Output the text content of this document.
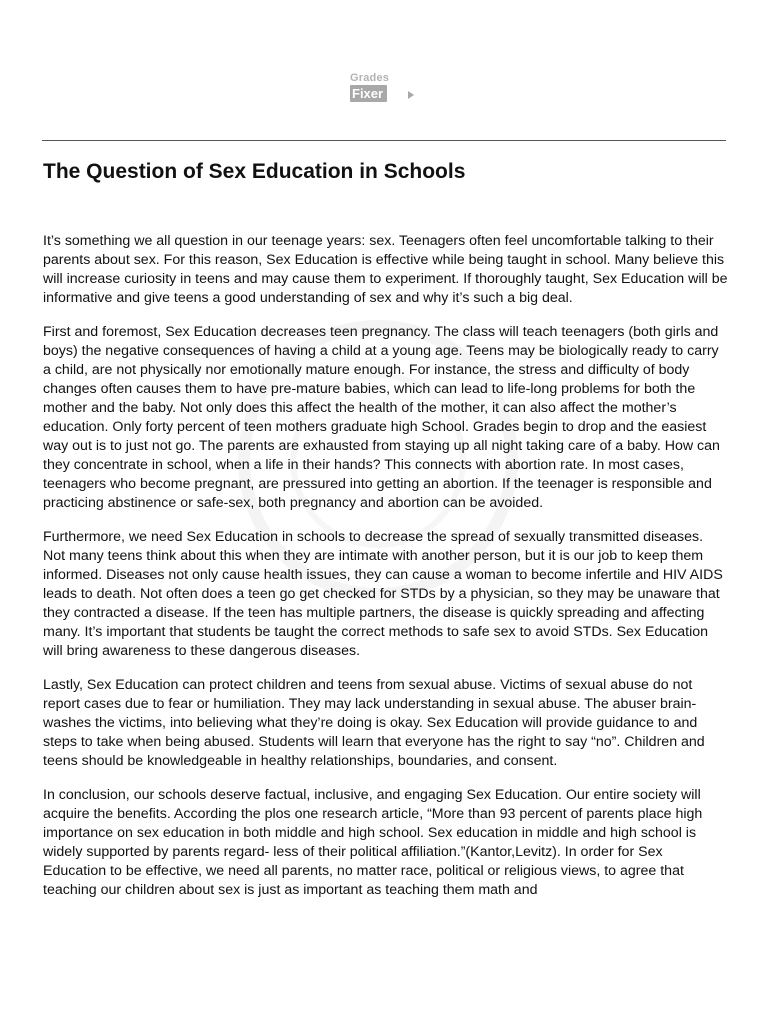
Grades
Fixer
The Question of Sex Education in Schools

It’s something we all question in our teenage years: sex. Teenagers often feel uncomfortable talking to their parents about sex. For this reason, Sex Education is effective while being taught in school. Many believe this will increase curiosity in teens and may cause them to experiment. If thoroughly taught, Sex Education will be informative and give teens a good understanding of sex and why it’s such a big deal.

First and foremost, Sex Education decreases teen pregnancy. The class will teach teenagers (both girls and boys) the negative consequences of having a child at a young age. Teens may be biologically ready to carry a child, are not physically nor emotionally mature enough. For instance, the stress and difficulty of body changes often causes them to have pre-mature babies, which can lead to life-long problems for both the mother and the baby. Not only does this affect the health of the mother, it can also affect the mother’s education. Only forty percent of teen mothers graduate high School. Grades begin to drop and the easiest way out is to just not go. The parents are exhausted from staying up all night taking care of a baby. How can they concentrate in school, when a life in their hands? This connects with abortion rate. In most cases, teenagers who become pregnant, are pressured into getting an abortion. If the teenager is responsible and practicing abstinence or safe-sex, both pregnancy and abortion can be avoided.

Furthermore, we need Sex Education in schools to decrease the spread of sexually transmitted diseases. Not many teens think about this when they are intimate with another person, but it is our job to keep them informed. Diseases not only cause health issues, they can cause a woman to become infertile and HIV AIDS leads to death. Not often does a teen go get checked for STDs by a physician, so they may be unaware that they contracted a disease. If the teen has multiple partners, the disease is quickly spreading and affecting many. It’s important that students be taught the correct methods to safe sex to avoid STDs. Sex Education will bring awareness to these dangerous diseases.

Lastly, Sex Education can protect children and teens from sexual abuse. Victims of sexual abuse do not report cases due to fear or humiliation. They may lack understanding in sexual abuse. The abuser brain-washes the victims, into believing what they’re doing is okay. Sex Education will provide guidance to and steps to take when being abused. Students will learn that everyone has the right to say “no”. Children and teens should be knowledgeable in healthy relationships, boundaries, and consent.

In conclusion, our schools deserve factual, inclusive, and engaging Sex Education. Our entire society will acquire the benefits. According the plos one research article, “More than 93 percent of parents place high importance on sex education in both middle and high school. Sex education in middle and high school is widely supported by parents regard- less of their political affiliation.”(Kantor,Levitz). In order for Sex Education to be effective, we need all parents, no matter race, political or religious views, to agree that teaching our children about sex is just as important as teaching them math and
